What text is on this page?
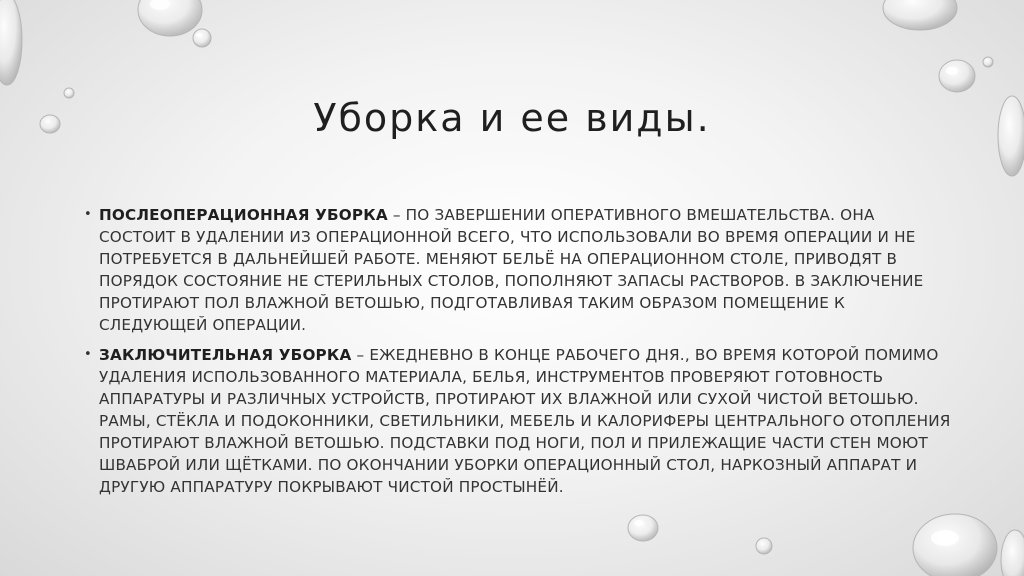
Уборка и ее виды.
• ПОСЛЕОПЕРАЦИОННАЯ УБОРКА – ПО ЗАВЕРШЕНИИ ОПЕРАТИВНОГО ВМЕШАТЕЛЬСТВА. ОНА СОСТОИТ В УДАЛЕНИИ ИЗ ОПЕРАЦИОННОЙ ВСЕГО, ЧТО ИСПОЛЬЗОВАЛИ ВО ВРЕМЯ ОПЕРАЦИИ И НЕ ПОТРЕБУЕТСЯ В ДАЛЬНЕЙШЕЙ РАБОТЕ. МЕНЯЮТ БЕЛЬЁ НА ОПЕРАЦИОННОМ СТОЛЕ, ПРИВОДЯТ В ПОРЯДОК СОСТОЯНИЕ НЕ СТЕРИЛЬНЫХ СТОЛОВ, ПОПОЛНЯЮТ ЗАПАСЫ РАСТВОРОВ. В ЗАКЛЮЧЕНИЕ ПРОТИРАЮТ ПОЛ ВЛАЖНОЙ ВЕТОШЬЮ, ПОДГОТАВЛИВАЯ ТАКИМ ОБРАЗОМ ПОМЕЩЕНИЕ К СЛЕДУЮЩЕЙ ОПЕРАЦИИ.
• ЗАКЛЮЧИТЕЛЬНАЯ УБОРКА – ЕЖЕДНЕВНО В КОНЦЕ РАБОЧЕГО ДНЯ., ВО ВРЕМЯ КОТОРОЙ ПОМИМО УДАЛЕНИЯ ИСПОЛЬЗОВАННОГО МАТЕРИАЛА, БЕЛЬЯ, ИНСТРУМЕНТОВ ПРОВЕРЯЮТ ГОТОВНОСТЬ АППАРАТУРЫ И РАЗЛИЧНЫХ УСТРОЙСТВ, ПРОТИРАЮТ ИХ ВЛАЖНОЙ ИЛИ СУХОЙ ЧИСТОЙ ВЕТОШЬЮ. РАМЫ, СТЁКЛА И ПОДОКОННИКИ, СВЕТИЛЬНИКИ, МЕБЕЛЬ И КАЛОРИФЕРЫ ЦЕНТРАЛЬНОГО ОТОПЛЕНИЯ ПРОТИРАЮТ ВЛАЖНОЙ ВЕТОШЬЮ. ПОДСТАВКИ ПОД НОГИ, ПОЛ И ПРИЛЕЖАЩИЕ ЧАСТИ СТЕН МОЮТ ШВАБРОЙ ИЛИ ЩЁТКАМИ. ПО ОКОНЧАНИИ УБОРКИ ОПЕРАЦИОННЫЙ СТОЛ, НАРКОЗНЫЙ АППАРАТ И ДРУГУЮ АППАРАТУРУ ПОКРЫВАЮТ ЧИСТОЙ ПРОСТЫНЁЙ.
